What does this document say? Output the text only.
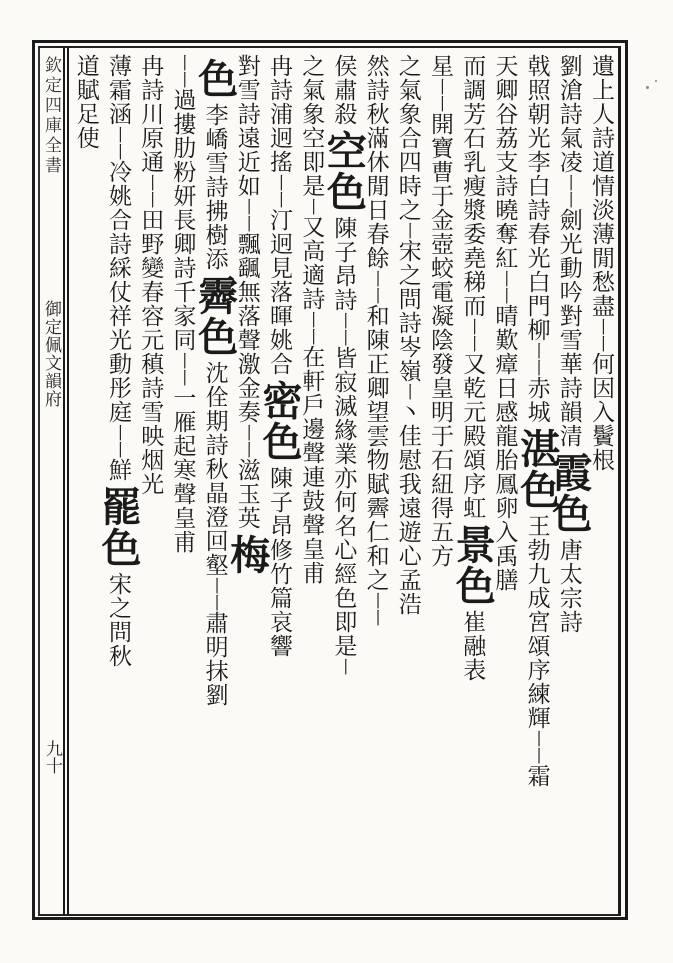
欽定四庫全書
御定佩文韻府
九十
遺上人詩道情淡薄閒愁盡丨丨何因入鬢根
劉滄詩氣凌丨丨劍光動吟對雪華詩韻清霞色唐太宗詩
戟照朝光李白詩春光白門柳丨丨赤城湛色王勃九成宮頌序練輝丨丨霜
天卿谷荔支詩曉奪紅丨丨晴歎瘴日感龍胎鳳卵入禹膳
而調芳石乳瘦漿委堯稊而丨丨又乾元殿頌序虹景色崔融表
星丨丨開寶曹于金壺蛟電凝陰發皇明于石紐得五方
之氣象合四時之丨宋之問詩岑嶺丨丶佳慰我遠遊心孟浩
然詩秋滿休閒日春餘丨丨和陳正卿望雲物賦霽仁和之丨丨
侯肅殺空色陳子昂詩丨丨皆寂滅緣業亦何名心經色即是丨
之氣象空即是丨又高適詩丨丨在軒戶邊聲連鼓聲皇甫
冉詩浦迥搖丨丨汀迥見落暉姚合密色陳子昂修竹篇哀響
對雪詩遠近如丨丨飄颻無落聲激金奏丨丨滋玉英梅
色李嶠雪詩拂樹添霽色沈佺期詩秋晶澄回壑丨丨肅明抹劉
丨丨過摟肋粉妍長卿詩千家同丨丨一雁起寒聲皇甫
冉詩川原通丨丨田野變春容元稹詩雪映烟光
薄霜涵丨丨冷姚合詩綵仗祥光動彤庭丨丨鮮罷色宋之問秋
道賦足使
